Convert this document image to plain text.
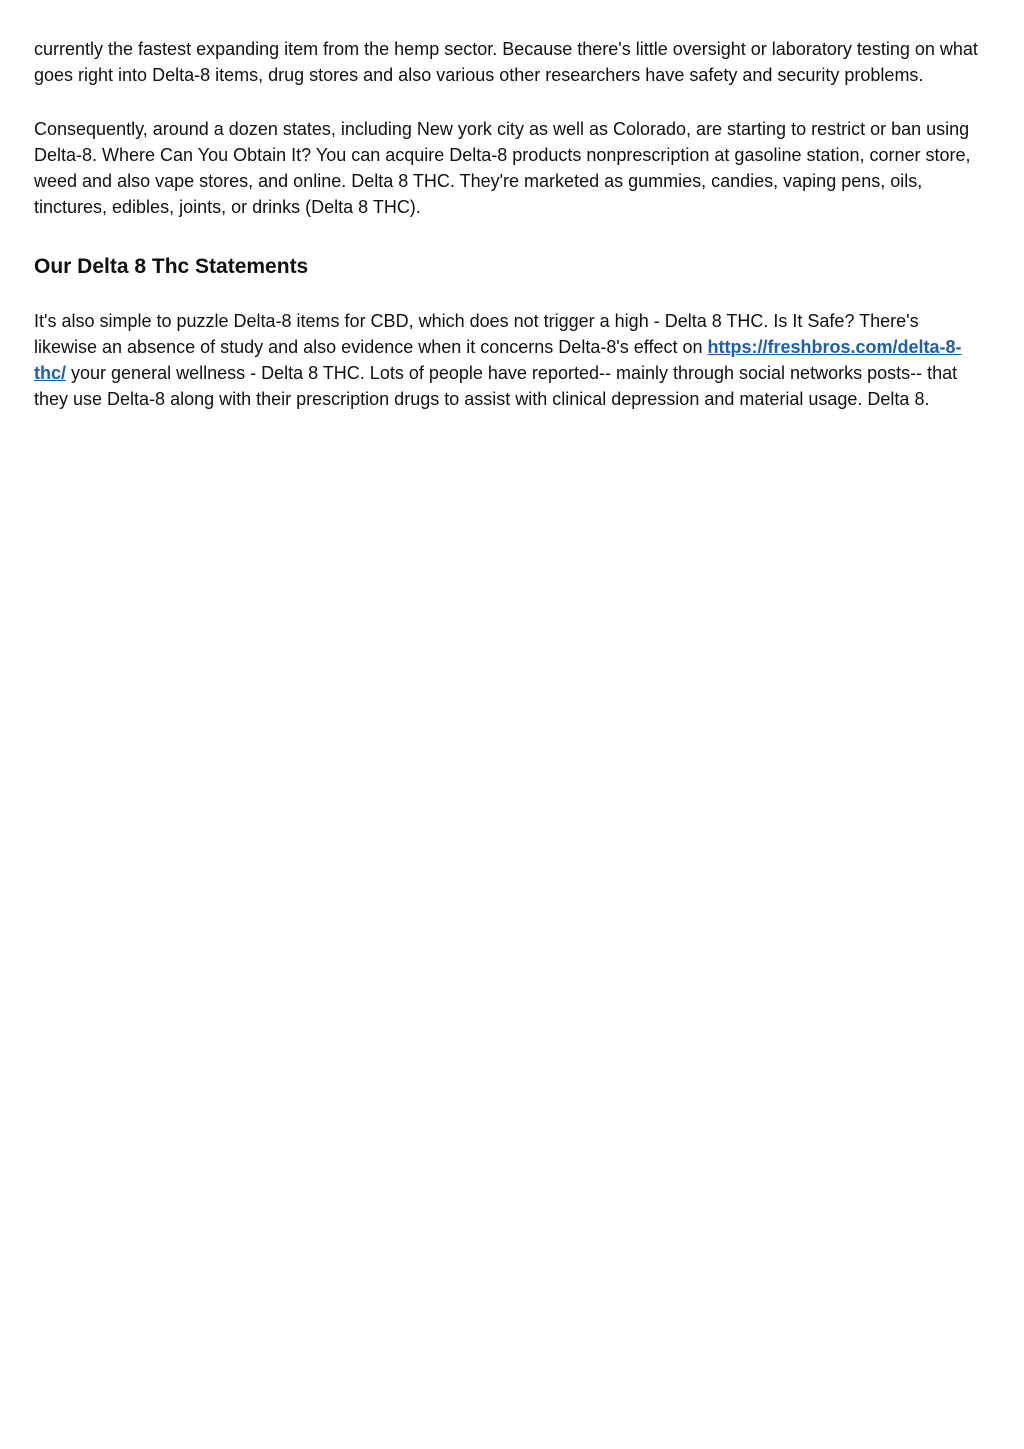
currently the fastest expanding item from the hemp sector. Because there's little oversight or laboratory testing on what goes right into Delta-8 items, drug stores and also various other researchers have safety and security problems.

Consequently, around a dozen states, including New york city as well as Colorado, are starting to restrict or ban using Delta-8. Where Can You Obtain It? You can acquire Delta-8 products nonprescription at gasoline station, corner store, weed and also vape stores, and online. Delta 8 THC. They're marketed as gummies, candies, vaping pens, oils, tinctures, edibles, joints, or drinks (Delta 8 THC).

Our Delta 8 Thc Statements

It's also simple to puzzle Delta-8 items for CBD, which does not trigger a high - Delta 8 THC. Is It Safe? There's likewise an absence of study and also evidence when it concerns Delta-8's effect on https://freshbros.com/delta-8-thc/ your general wellness - Delta 8 THC. Lots of people have reported-- mainly through social networks posts-- that they use Delta-8 along with their prescription drugs to assist with clinical depression and material usage. Delta 8.
